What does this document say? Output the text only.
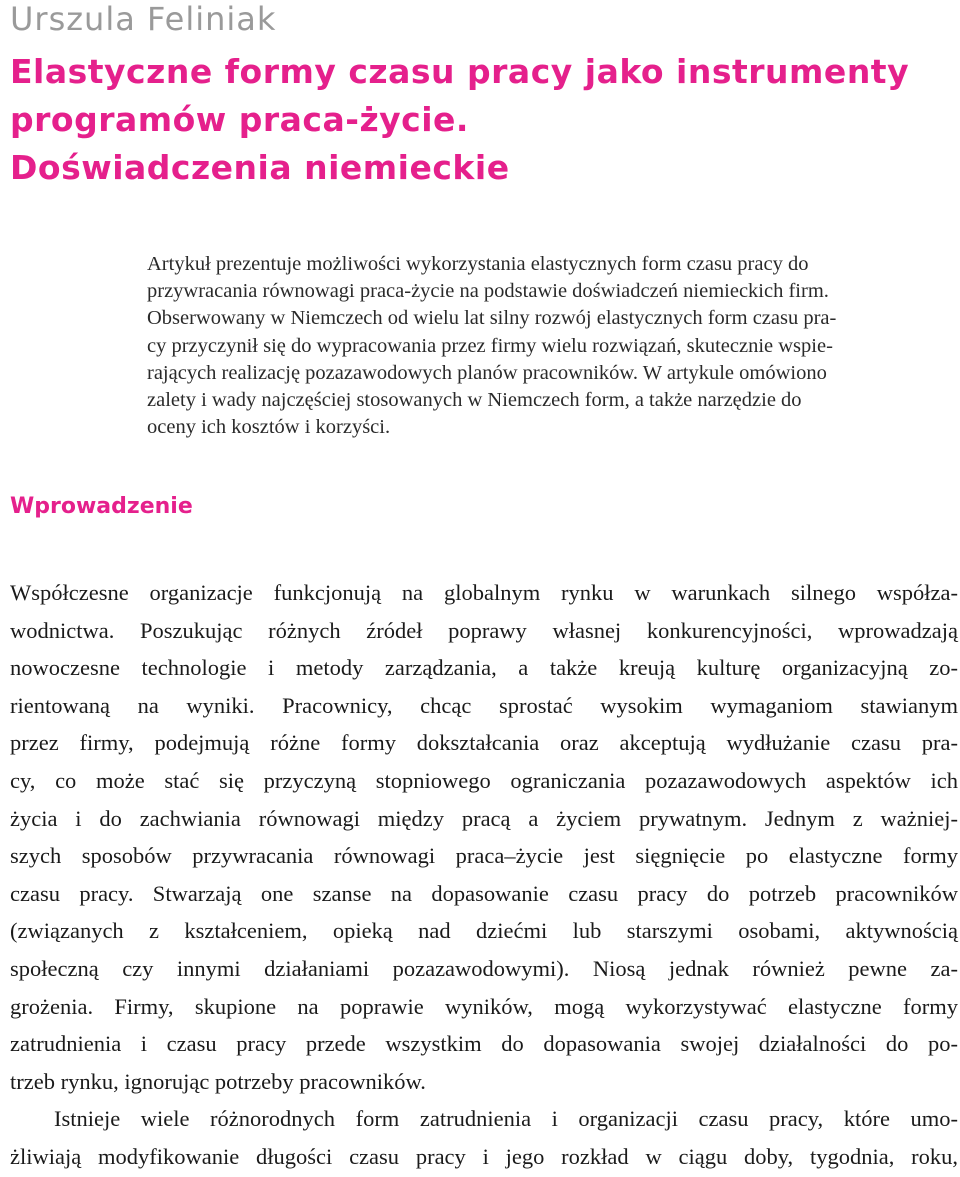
Urszula Feliniak
Elastyczne formy czasu pracy jako instrumenty
programów praca-życie.
Doświadczenia niemieckie
Artykuł prezentuje możliwości wykorzystania elastycznych form czasu pracy do
przywracania równowagi praca-życie na podstawie doświadczeń niemieckich firm.
Obserwowany w Niemczech od wielu lat silny rozwój elastycznych form czasu pra-
cy przyczynił się do wypracowania przez firmy wielu rozwiązań, skutecznie wspie-
rających realizację pozazawodowych planów pracowników. W artykule omówiono
zalety i wady najczęściej stosowanych w Niemczech form, a także narzędzie do
oceny ich kosztów i korzyści.
Wprowadzenie
Współczesne organizacje funkcjonują na globalnym rynku w warunkach silnego współza-
wodnictwa. Poszukując różnych źródeł poprawy własnej konkurencyjności, wprowadzają
nowoczesne technologie i metody zarządzania, a także kreują kulturę organizacyjną zo-
rientowaną na wyniki. Pracownicy, chcąc sprostać wysokim wymaganiom stawianym
przez firmy, podejmują różne formy dokształcania oraz akceptują wydłużanie czasu pra-
cy, co może stać się przyczyną stopniowego ograniczania pozazawodowych aspektów ich
życia i do zachwiania równowagi między pracą a życiem prywatnym. Jednym z ważniej-
szych sposobów przywracania równowagi praca–życie jest sięgnięcie po elastyczne formy
czasu pracy. Stwarzają one szanse na dopasowanie czasu pracy do potrzeb pracowników
(związanych z kształceniem, opieką nad dziećmi lub starszymi osobami, aktywnością
społeczną czy innymi działaniami pozazawodowymi). Niosą jednak również pewne za-
grożenia. Firmy, skupione na poprawie wyników, mogą wykorzystywać elastyczne formy
zatrudnienia i czasu pracy przede wszystkim do dopasowania swojej działalności do po-
trzeb rynku, ignorując potrzeby pracowników.
Istnieje wiele różnorodnych form zatrudnienia i organizacji czasu pracy, które umo-
żliwiają modyfikowanie długości czasu pracy i jego rozkład w ciągu doby, tygodnia, roku,
